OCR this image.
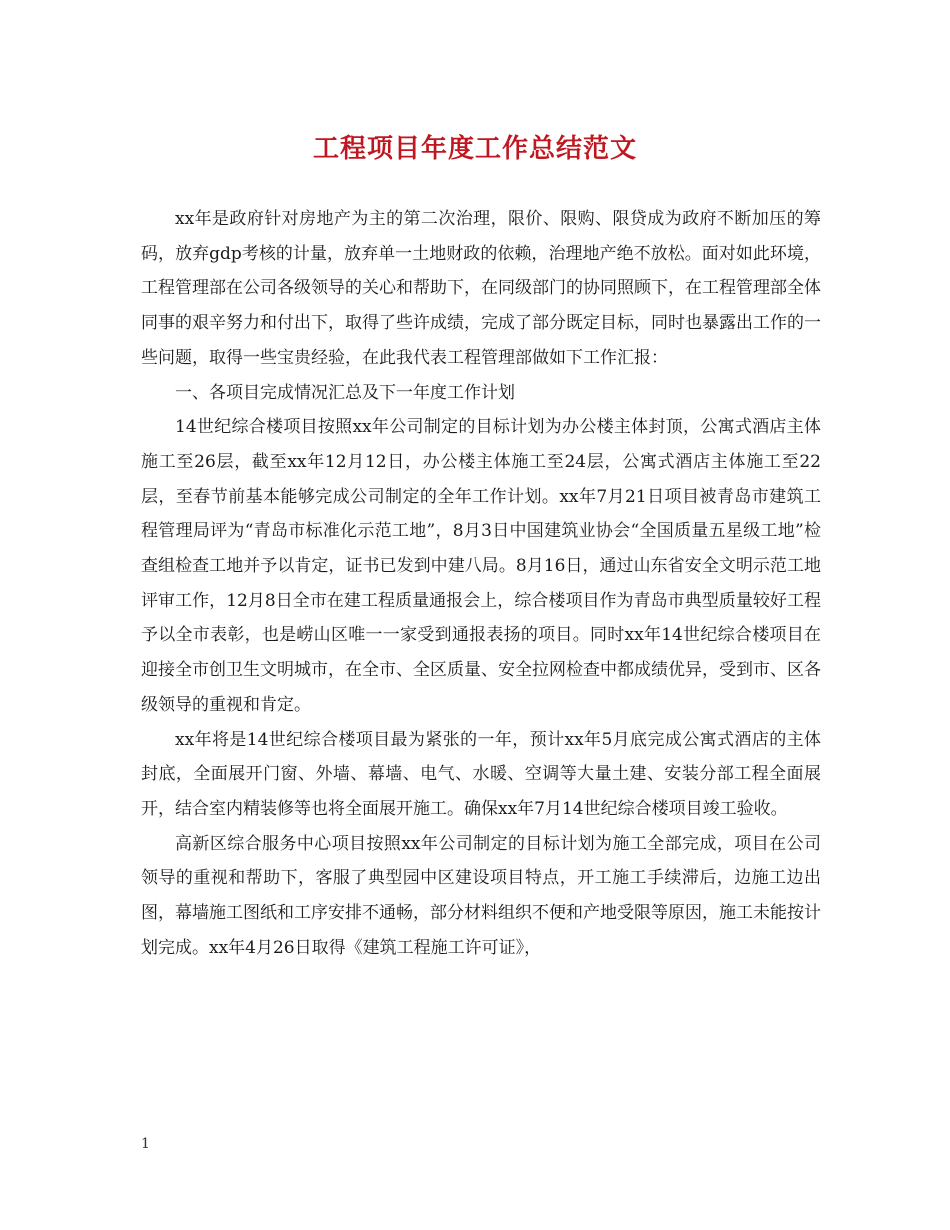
工程项目年度工作总结范文

xx年是政府针对房地产为主的第二次治理，限价、限购、限贷成为政府不断加压的筹码，放弃gdp考核的计量，放弃单一土地财政的依赖，治理地产绝不放松。面对如此环境，工程管理部在公司各级领导的关心和帮助下，在同级部门的协同照顾下，在工程管理部全体同事的艰辛努力和付出下，取得了些许成绩，完成了部分既定目标，同时也暴露出工作的一些问题，取得一些宝贵经验，在此我代表工程管理部做如下工作汇报：

一、各项目完成情况汇总及下一年度工作计划

14世纪综合楼项目按照xx年公司制定的目标计划为办公楼主体封顶，公寓式酒店主体施工至26层，截至xx年12月12日，办公楼主体施工至24层，公寓式酒店主体施工至22层，至春节前基本能够完成公司制定的全年工作计划。xx年7月21日项目被青岛市建筑工程管理局评为“青岛市标准化示范工地”，8月3日中国建筑业协会“全国质量五星级工地”检查组检查工地并予以肯定，证书已发到中建八局。8月16日，通过山东省安全文明示范工地评审工作，12月8日全市在建工程质量通报会上，综合楼项目作为青岛市典型质量较好工程予以全市表彰，也是崂山区唯一一家受到通报表扬的项目。同时xx年14世纪综合楼项目在迎接全市创卫生文明城市，在全市、全区质量、安全拉网检查中都成绩优异，受到市、区各级领导的重视和肯定。

xx年将是14世纪综合楼项目最为紧张的一年，预计xx年5月底完成公寓式酒店的主体封底，全面展开门窗、外墙、幕墙、电气、水暖、空调等大量土建、安装分部工程全面展开，结合室内精装修等也将全面展开施工。确保xx年7月14世纪综合楼项目竣工验收。

高新区综合服务中心项目按照xx年公司制定的目标计划为施工全部完成，项目在公司领导的重视和帮助下，客服了典型园中区建设项目特点，开工施工手续滞后，边施工边出图，幕墙施工图纸和工序安排不通畅，部分材料组织不便和产地受限等原因，施工未能按计划完成。xx年4月26日取得《建筑工程施工许可证》，

1
